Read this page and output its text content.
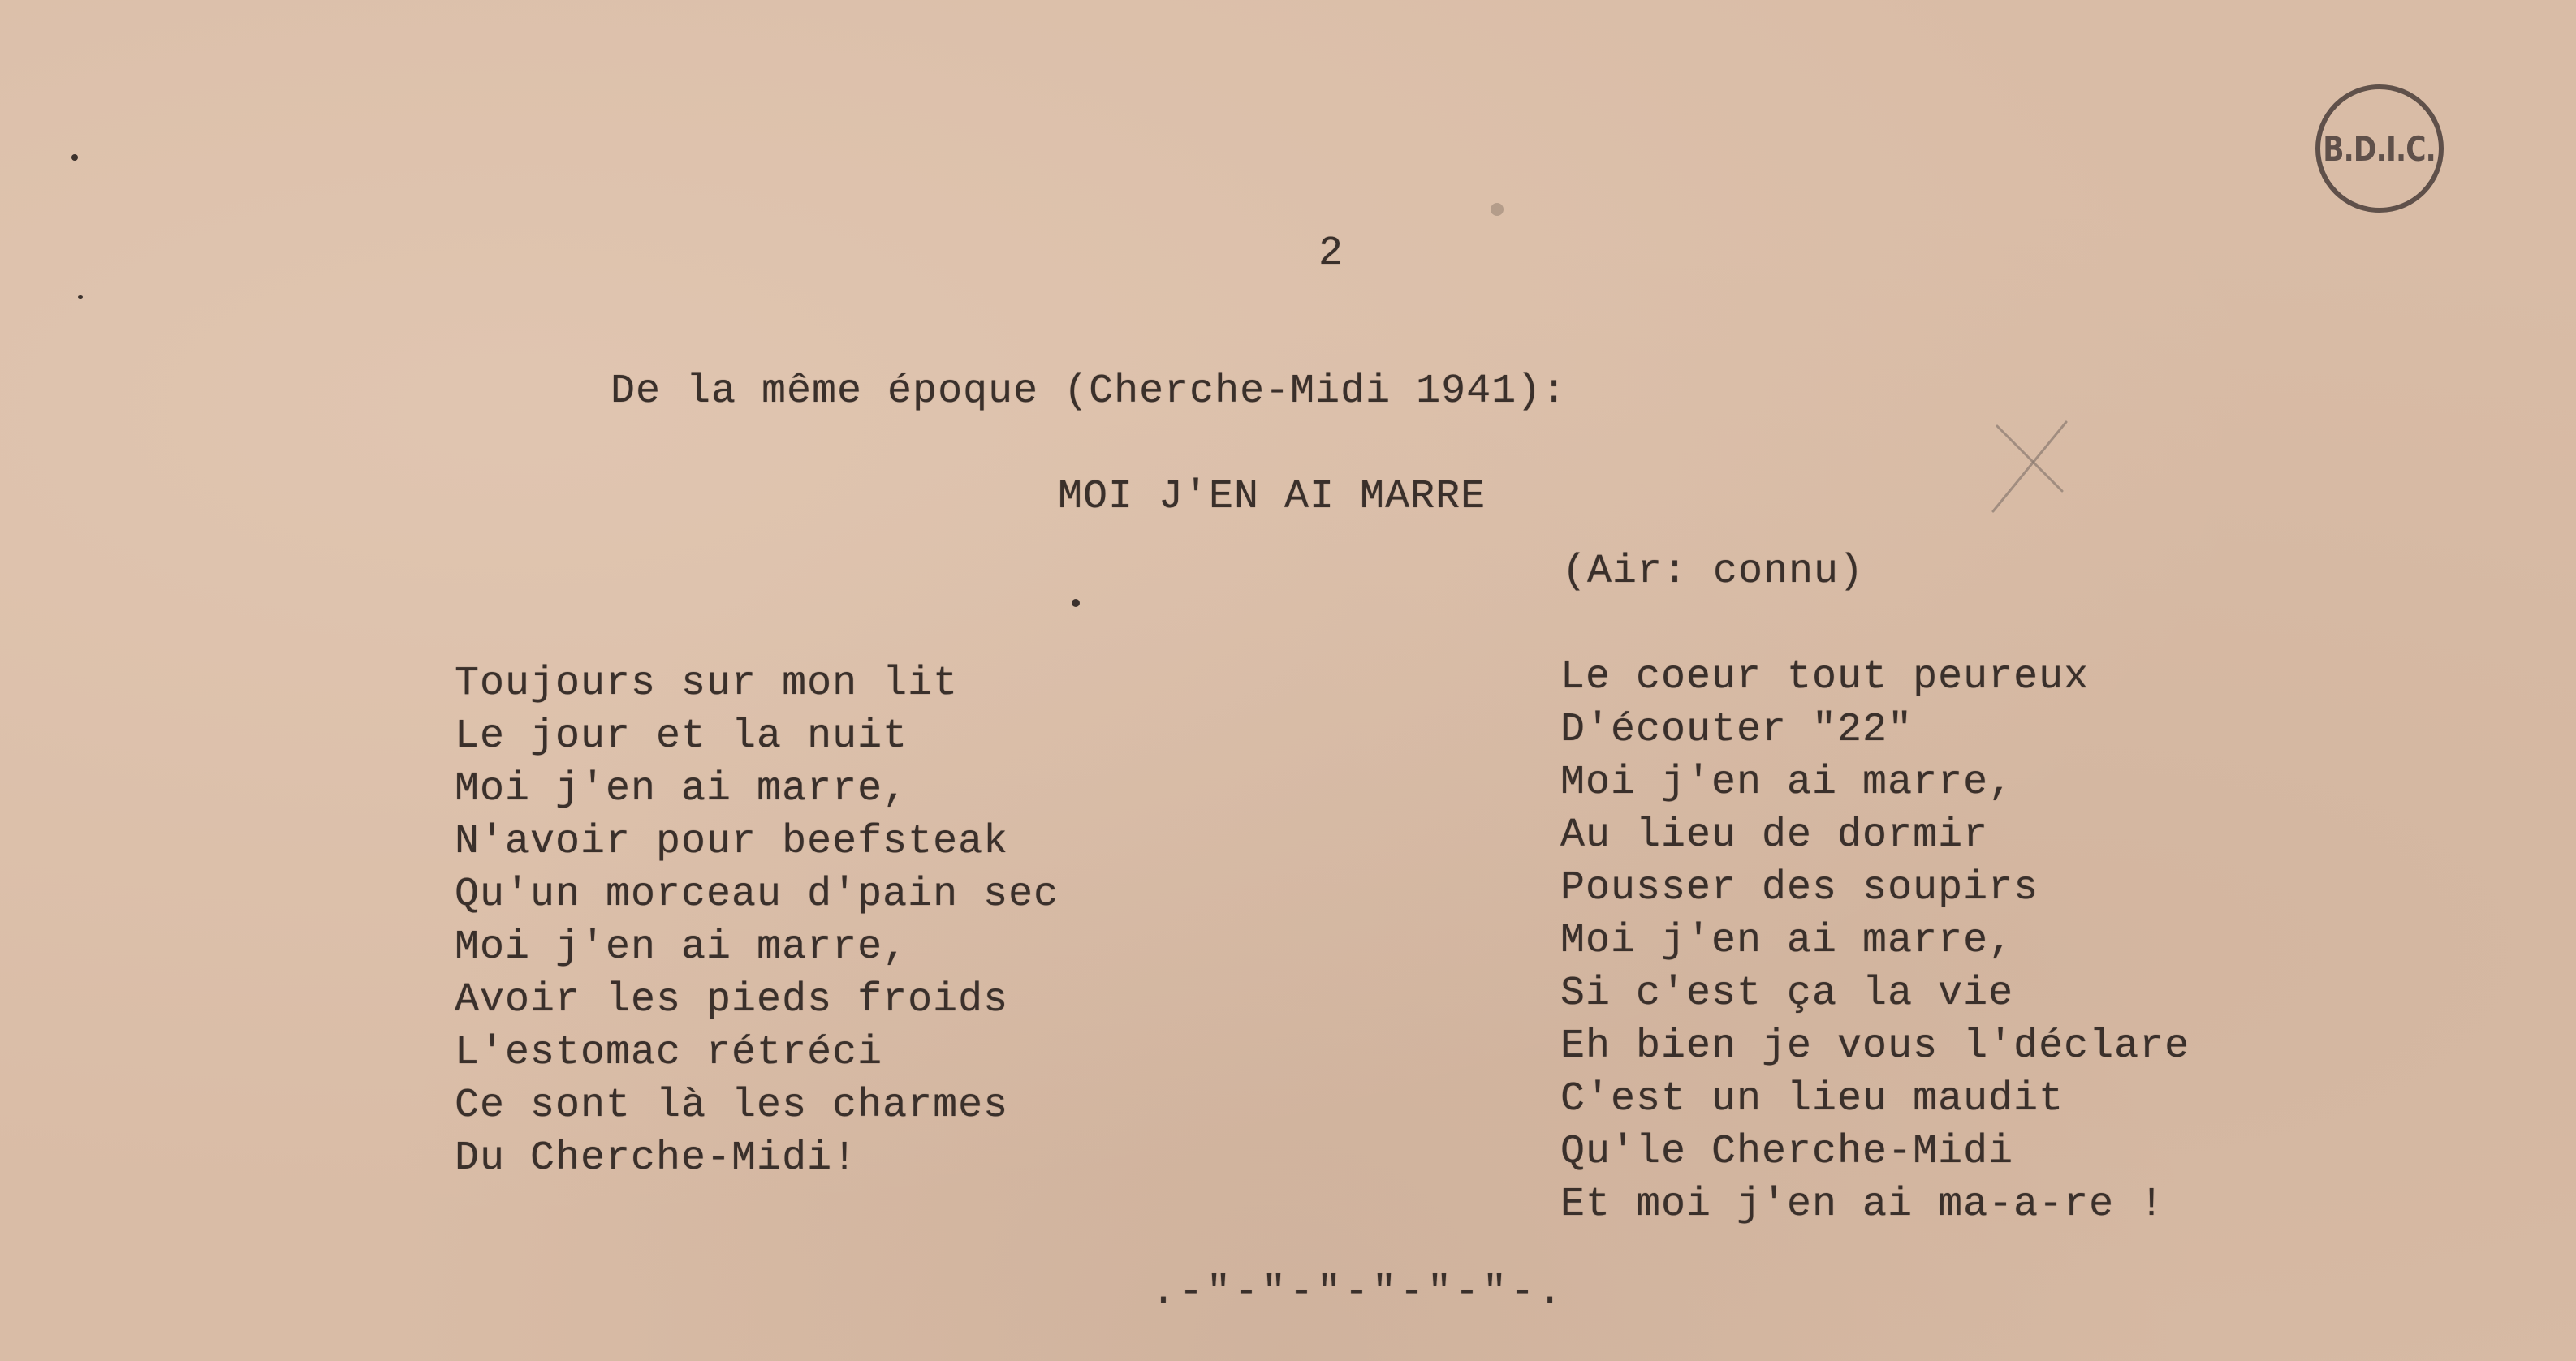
2
B.D.I.C.
De la même époque (Cherche-Midi 1941):
MOI J'EN AI MARRE
(Air: connu)
Toujours sur mon lit
Le jour et la nuit
Moi j'en ai marre,
N'avoir pour beefsteak
Qu'un morceau d'pain sec
Moi j'en ai marre,
Avoir les pieds froids
L'estomac rétréci
Ce sont là les charmes
Du Cherche-Midi!
Le coeur tout peureux
D'écouter "22"
Moi j'en ai marre,
Au lieu de dormir
Pousser des soupirs
Moi j'en ai marre,
Si c'est ça la vie
Eh bien je vous l'déclare
C'est un lieu maudit
Qu'le Cherche-Midi
Et moi j'en ai ma-a-re !
.-"-"-"-"-"-"-.
